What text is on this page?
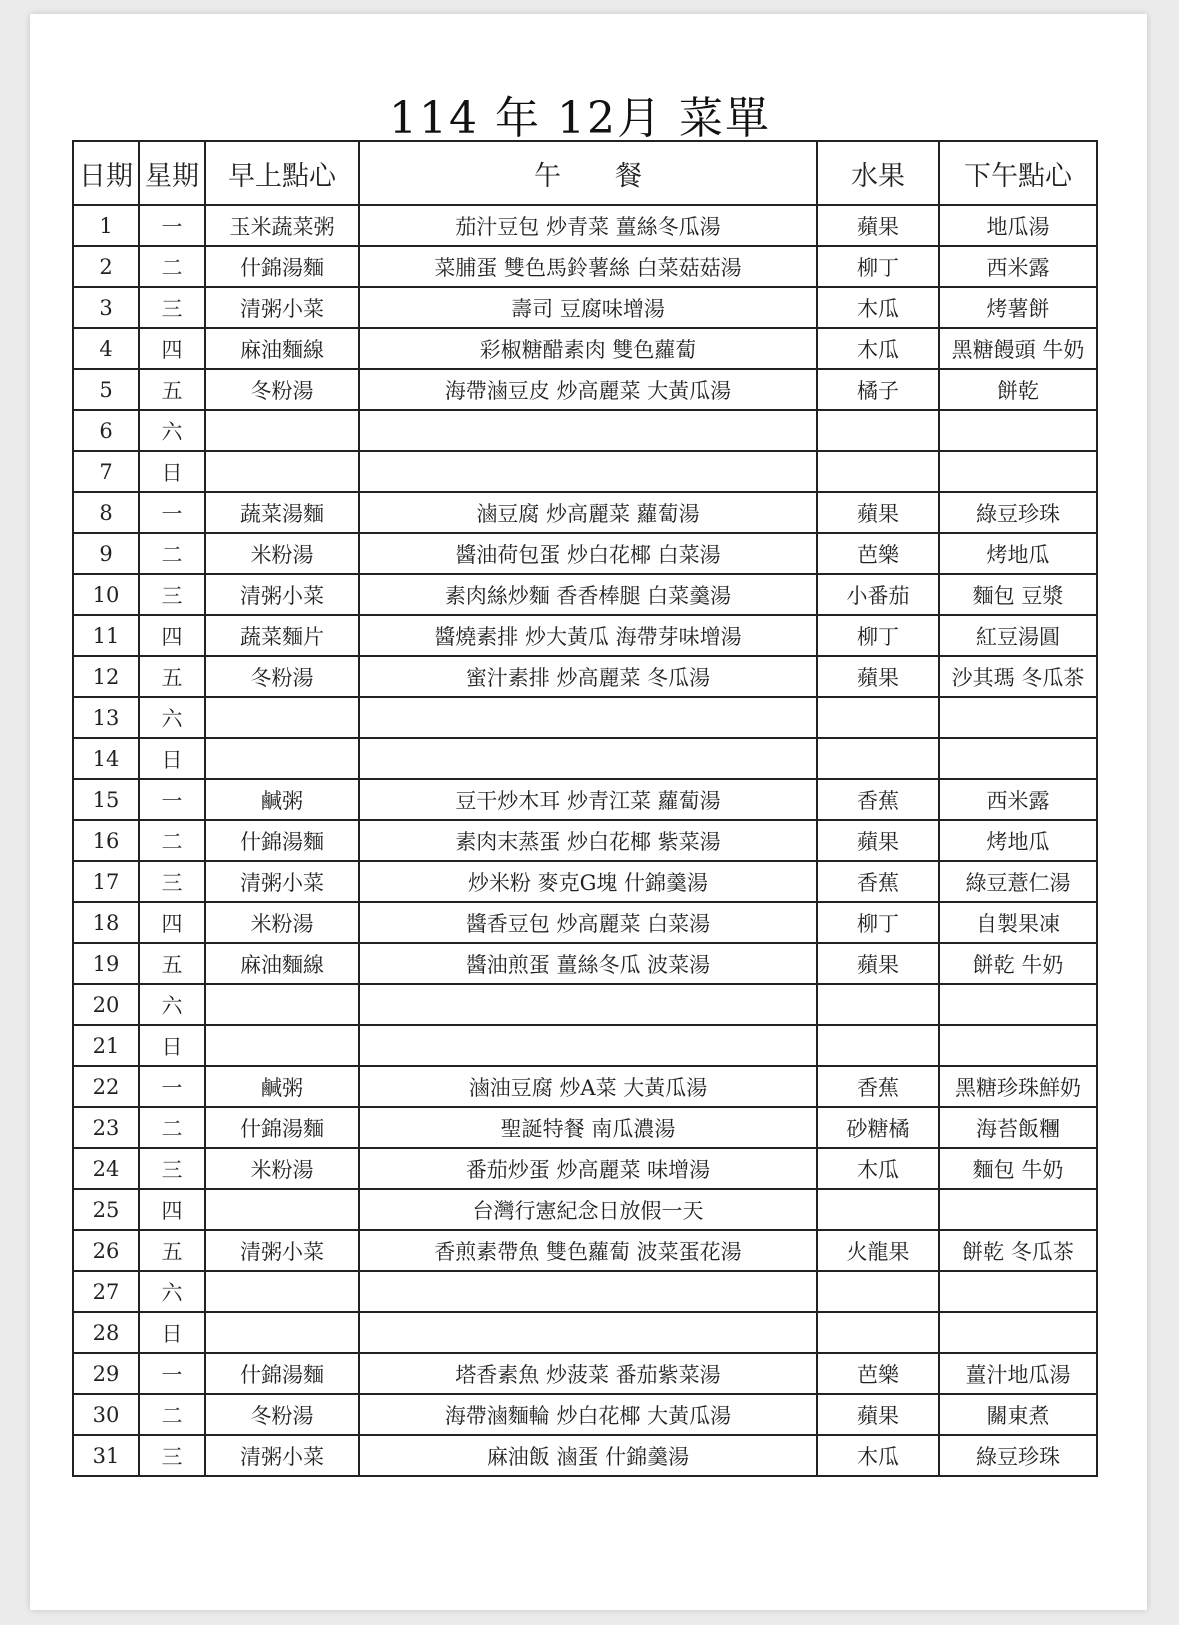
114 年 12月 菜單
日期	星期	早上點心	午　　餐	水果	下午點心
1	一	玉米蔬菜粥	茄汁豆包 炒青菜 薑絲冬瓜湯	蘋果	地瓜湯
2	二	什錦湯麵	菜脯蛋 雙色馬鈴薯絲 白菜菇菇湯	柳丁	西米露
3	三	清粥小菜	壽司 豆腐味增湯	木瓜	烤薯餅
4	四	麻油麵線	彩椒糖醋素肉 雙色蘿蔔	木瓜	黑糖饅頭 牛奶
5	五	冬粉湯	海帶滷豆皮 炒高麗菜 大黃瓜湯	橘子	餅乾
6	六				
7	日				
8	一	蔬菜湯麵	滷豆腐 炒高麗菜 蘿蔔湯	蘋果	綠豆珍珠
9	二	米粉湯	醬油荷包蛋 炒白花椰 白菜湯	芭樂	烤地瓜
10	三	清粥小菜	素肉絲炒麵 香香棒腿 白菜羹湯	小番茄	麵包 豆漿
11	四	蔬菜麵片	醬燒素排 炒大黃瓜 海帶芽味增湯	柳丁	紅豆湯圓
12	五	冬粉湯	蜜汁素排 炒高麗菜 冬瓜湯	蘋果	沙其瑪 冬瓜茶
13	六				
14	日				
15	一	鹹粥	豆干炒木耳 炒青江菜 蘿蔔湯	香蕉	西米露
16	二	什錦湯麵	素肉末蒸蛋 炒白花椰 紫菜湯	蘋果	烤地瓜
17	三	清粥小菜	炒米粉 麥克G塊 什錦羹湯	香蕉	綠豆薏仁湯
18	四	米粉湯	醬香豆包 炒高麗菜 白菜湯	柳丁	自製果凍
19	五	麻油麵線	醬油煎蛋 薑絲冬瓜 波菜湯	蘋果	餅乾 牛奶
20	六				
21	日				
22	一	鹹粥	滷油豆腐 炒A菜 大黃瓜湯	香蕉	黑糖珍珠鮮奶
23	二	什錦湯麵	聖誕特餐 南瓜濃湯	砂糖橘	海苔飯糰
24	三	米粉湯	番茄炒蛋 炒高麗菜 味增湯	木瓜	麵包 牛奶
25	四		台灣行憲紀念日放假一天		
26	五	清粥小菜	香煎素帶魚 雙色蘿蔔 波菜蛋花湯	火龍果	餅乾 冬瓜茶
27	六				
28	日				
29	一	什錦湯麵	塔香素魚 炒菠菜 番茄紫菜湯	芭樂	薑汁地瓜湯
30	二	冬粉湯	海帶滷麵輪 炒白花椰 大黃瓜湯	蘋果	關東煮
31	三	清粥小菜	麻油飯 滷蛋 什錦羹湯	木瓜	綠豆珍珠
